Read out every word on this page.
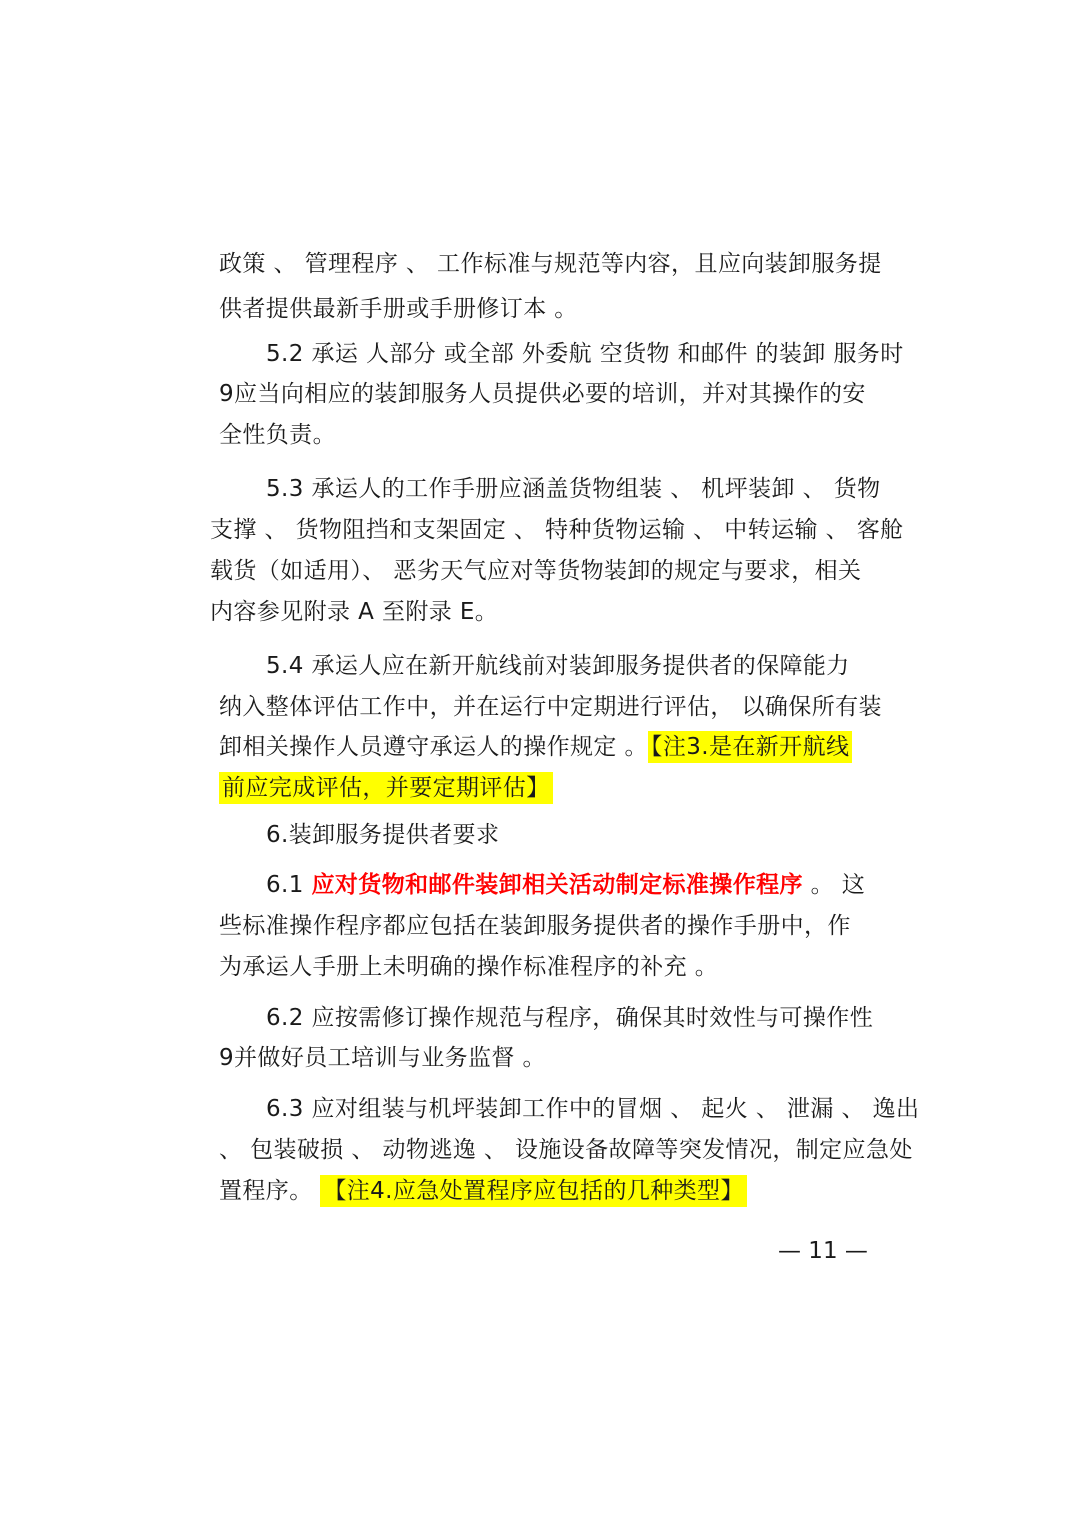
政策 、 管理程序 、 工作标准与规范等内容，且应向装卸服务提

供者提供最新手册或手册修订本 。

5.2 承运 人部分 或全部 外委航 空货物 和邮件 的装卸 服务时

9应当向相应的装卸服务人员提供必要的培训，并对其操作的安

全性负责。

5.3 承运人的工作手册应涵盖货物组装 、 机坪装卸 、 货物

支撑 、 货物阻挡和支架固定 、 特种货物运输 、 中转运输 、 客舱

载货（如适用）、 恶劣天气应对等货物装卸的规定与要求，相关

内容参见附录 A 至附录 E。

5.4 承运人应在新开航线前对装卸服务提供者的保障能力

纳入整体评估工作中，并在运行中定期进行评估， 以确保所有装

卸相关操作人员遵守承运人的操作规定 。 【注3.是在新开航线

前应完成评估，并要定期评估】

6.装卸服务提供者要求

6.1 应对货物和邮件装卸相关活动制定标准操作程序 。 这

些标准操作程序都应包括在装卸服务提供者的操作手册中，作

为承运人手册上未明确的操作标准程序的补充 。

6.2 应按需修订操作规范与程序，确保其时效性与可操作性

9并做好员工培训与业务监督 。

6.3 应对组装与机坪装卸工作中的冒烟 、 起火 、 泄漏 、 逸出

、 包装破损 、 动物逃逸 、 设施设备故障等突发情况，制定应急处

置程序。 【注4.应急处置程序应包括的几种类型】

— 11 —
